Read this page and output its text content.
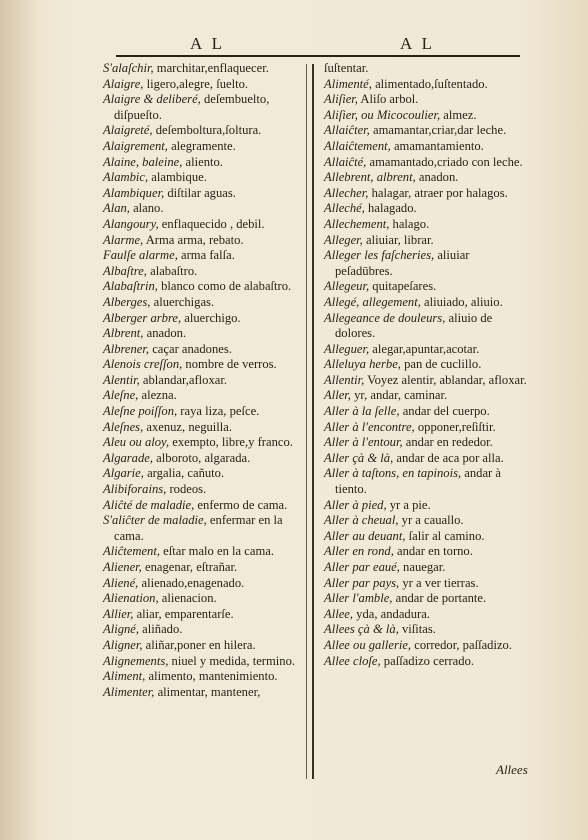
A L	A L

S'alaſchir, marchitar,enflaquecer.

Alaigre, ligero,alegre, ſuelto.

Alaigre & deliberé, deſembuelto, diſpueſto.

Alaigreté, deſemboltura,ſoltura.

Alaigrement, alegramente.

Alaine, baleine, aliento.

Alambic, alambique.

Alambiquer, diſtilar aguas.

Alan, alano.

Alangoury, enflaquecido , debil.

Alarme, Arma arma, rebato.

Faulſe alarme, arma falſa.

Albaſtre, alabaſtro.

Alabaſtrin, blanco como de alabaſtro.

Alberges, aluerchigas.

Alberger arbre, aluerchigo.

Albrent, anadon.

Albrener, caçar anadones.

Alenois creſſon, nombre de verros.

Alentir, ablandar,afloxar.

Aleſne, alezna.

Aleſne poiſſon, raya liza, peſce.

Aleſnes, axenuz, neguilla.

Aleu ou aloy, exempto, libre,y franco.

Algarade, alboroto, algarada.

Algarie, argalia, cañuto.

Alibiforains, rodeos.

Aliĉté de maladie, enfermo de cama.

S'aliĉter de maladie, enfermar en la cama.

Aliĉtement, eſtar malo en la cama.

Aliener, enagenar, eſtrañar.

Aliené, alienado,enagenado.

Alienation, alienacion.

Allier, aliar, emparentarſe.

Aligné, aliñado.

Aligner, aliñar,poner en hilera.

Alignements, niuel y medida, termino.

Aliment, alimento, mantenimiento.

Alimenter, alimentar, mantener,

ſuſtentar.

Alimenté, alimentado,ſuſtentado.

Aliſier, Aliſo arbol.

Aliſier, ou Micocoulier, almez.

Allaiĉter, amamantar,criar,dar leche.

Allaiĉtement, amamantamiento.

Allaiĉté, amamantado,criado con leche.

Allebrent, albrent, anadon.

Allecher, halagar, atraer por halagos.

Alleché, halagado.

Allechement, halago.

Alleger, aliuiar, librar.

Alleger les faſcheries, aliuiar peſadūbres.

Allegeur, quitapeſares.

Allegé, allegement, aliuiado, aliuio.

Allegeance de douleurs, aliuio de dolores.

Alleguer, alegar,apuntar,acotar.

Alleluya herbe, pan de cuclillo.

Allentir, Voyez alentir, ablandar, afloxar.

Aller, yr, andar, caminar.

Aller à la ſelle, andar del cuerpo.

Aller à l'encontre, opponer,reſiſtir.

Aller à l'entour, andar en rededor.

Aller çà & là, andar de aca por alla.

Aller à taſtons, en tapinois, andar à tiento.

Aller à pied, yr a pie.

Aller à cheual, yr a cauallo.

Aller au deuant, ſalir al camino.

Aller en rond, andar en torno.

Aller par eaué, nauegar.

Aller par pays, yr a ver tierras.

Aller l'amble, andar de portante.

Allee, yda, andadura.

Allees çà & là, viſitas.

Allee ou gallerie, corredor, paſſadizo.

Allee cloſe, paſſadizo cerrado.

Allees
